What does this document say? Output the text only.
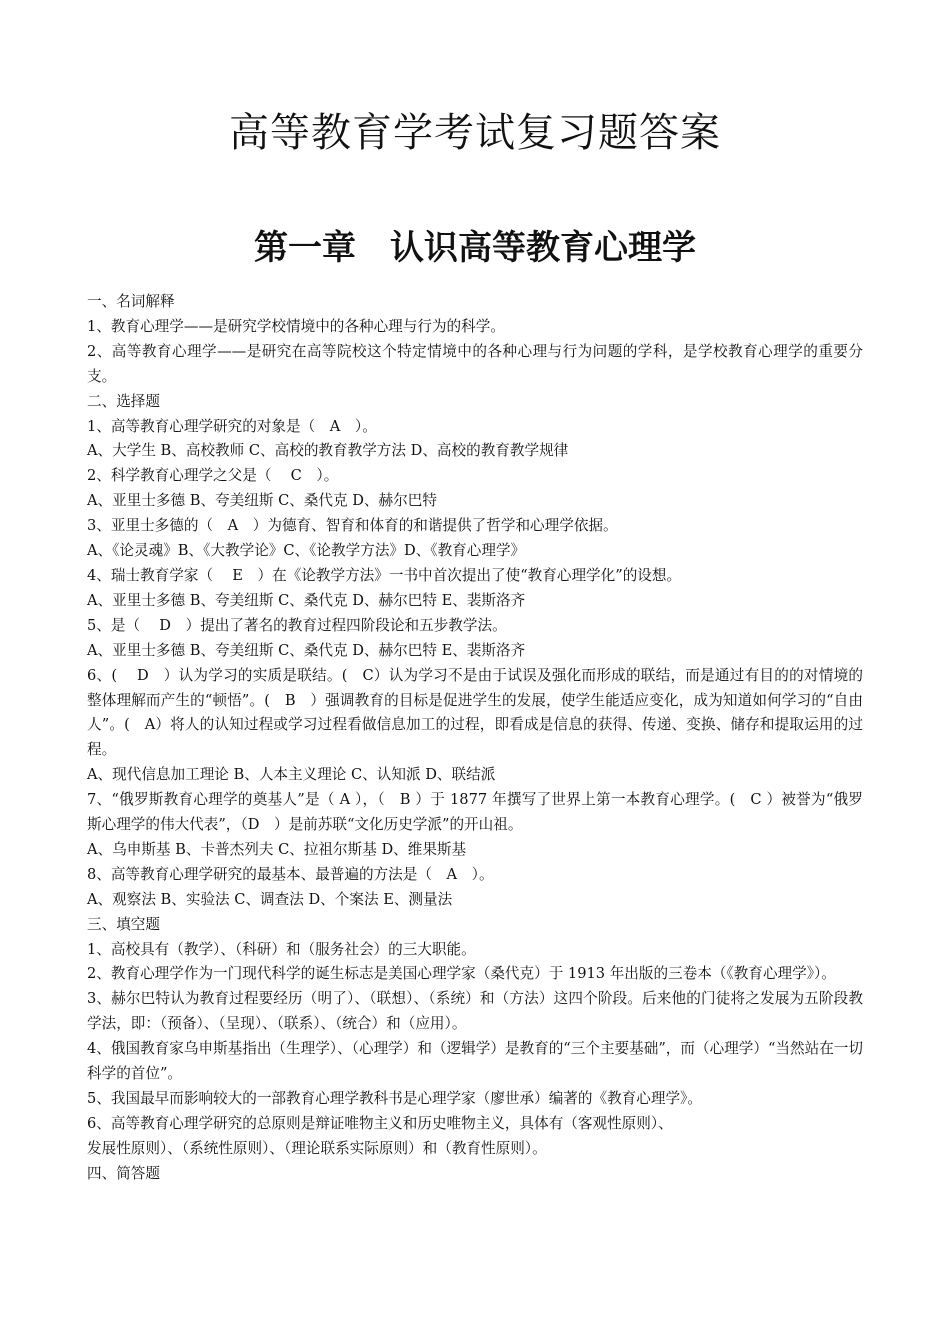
高等教育学考试复习题答案
第一章　认识高等教育心理学

一、名词解释

1、教育心理学——是研究学校情境中的各种心理与行为的科学。

2、高等教育心理学——是研究在高等院校这个特定情境中的各种心理与行为问题的学科，是学校教育心理学的重要分支。

二、选择题

1、高等教育心理学研究的对象是（　A　）。

A、大学生 B、高校教师 C、高校的教育教学方法 D、高校的教育教学规律

2、科学教育心理学之父是（　 C　）。

A、亚里士多德 B、夸美纽斯 C、桑代克 D、赫尔巴特

3、亚里士多德的（　A　）为德育、智育和体育的和谐提供了哲学和心理学依据。

A、《论灵魂》B、《大教学论》C、《论教学方法》D、《教育心理学》

4、瑞士教育学家（　 E　）在《论教学方法》一书中首次提出了使“教育心理学化”的设想。

A、亚里士多德 B、夸美纽斯 C、桑代克 D、赫尔巴特 E、裴斯洛齐

5、是（　 D　）提出了著名的教育过程四阶段论和五步教学法。

A、亚里士多德 B、夸美纽斯 C、桑代克 D、赫尔巴特 E、裴斯洛齐

6、(　 D　）认为学习的实质是联结。(　C）认为学习不是由于试误及强化而形成的联结，而是通过有目的的对情境的整体理解而产生的“顿悟”。(　B　）强调教育的目标是促进学生的发展，使学生能适应变化，成为知道如何学习的“自由人”。(　A）将人的认知过程或学习过程看做信息加工的过程，即看成是信息的获得、传递、变换、储存和提取运用的过程。

A、现代信息加工理论 B、人本主义理论 C、认知派 D、联结派

7、“俄罗斯教育心理学的奠基人”是（ A ），（　B ）于 1877 年撰写了世界上第一本教育心理学。(　C ）被誉为“俄罗斯心理学的伟大代表”，（D　）是前苏联“文化历史学派”的开山祖。

A、乌申斯基 B、卡普杰列夫 C、拉祖尔斯基 D、维果斯基

8、高等教育心理学研究的最基本、最普遍的方法是（　A　）。

A、观察法 B、实验法 C、调查法 D、个案法 E、测量法

三、填空题

1、高校具有（教学）、（科研）和（服务社会）的三大职能。

2、教育心理学作为一门现代科学的诞生标志是美国心理学家（桑代克）于 1913 年出版的三卷本（《教育心理学》）。

3、赫尔巴特认为教育过程要经历（明了）、（联想）、（系统）和（方法）这四个阶段。后来他的门徒将之发展为五阶段教学法，即：（预备）、（呈现）、（联系）、（统合）和（应用）。

4、俄国教育家乌申斯基指出（生理学）、（心理学）和（逻辑学）是教育的“三个主要基础”，而（心理学）“当然站在一切科学的首位”。

5、我国最早而影响较大的一部教育心理学教科书是心理学家（廖世承）编著的《教育心理学》。

6、高等教育心理学研究的总原则是辩证唯物主义和历史唯物主义，具体有（客观性原则）、

发展性原则）、（系统性原则）、（理论联系实际原则）和（教育性原则）。

四、简答题
